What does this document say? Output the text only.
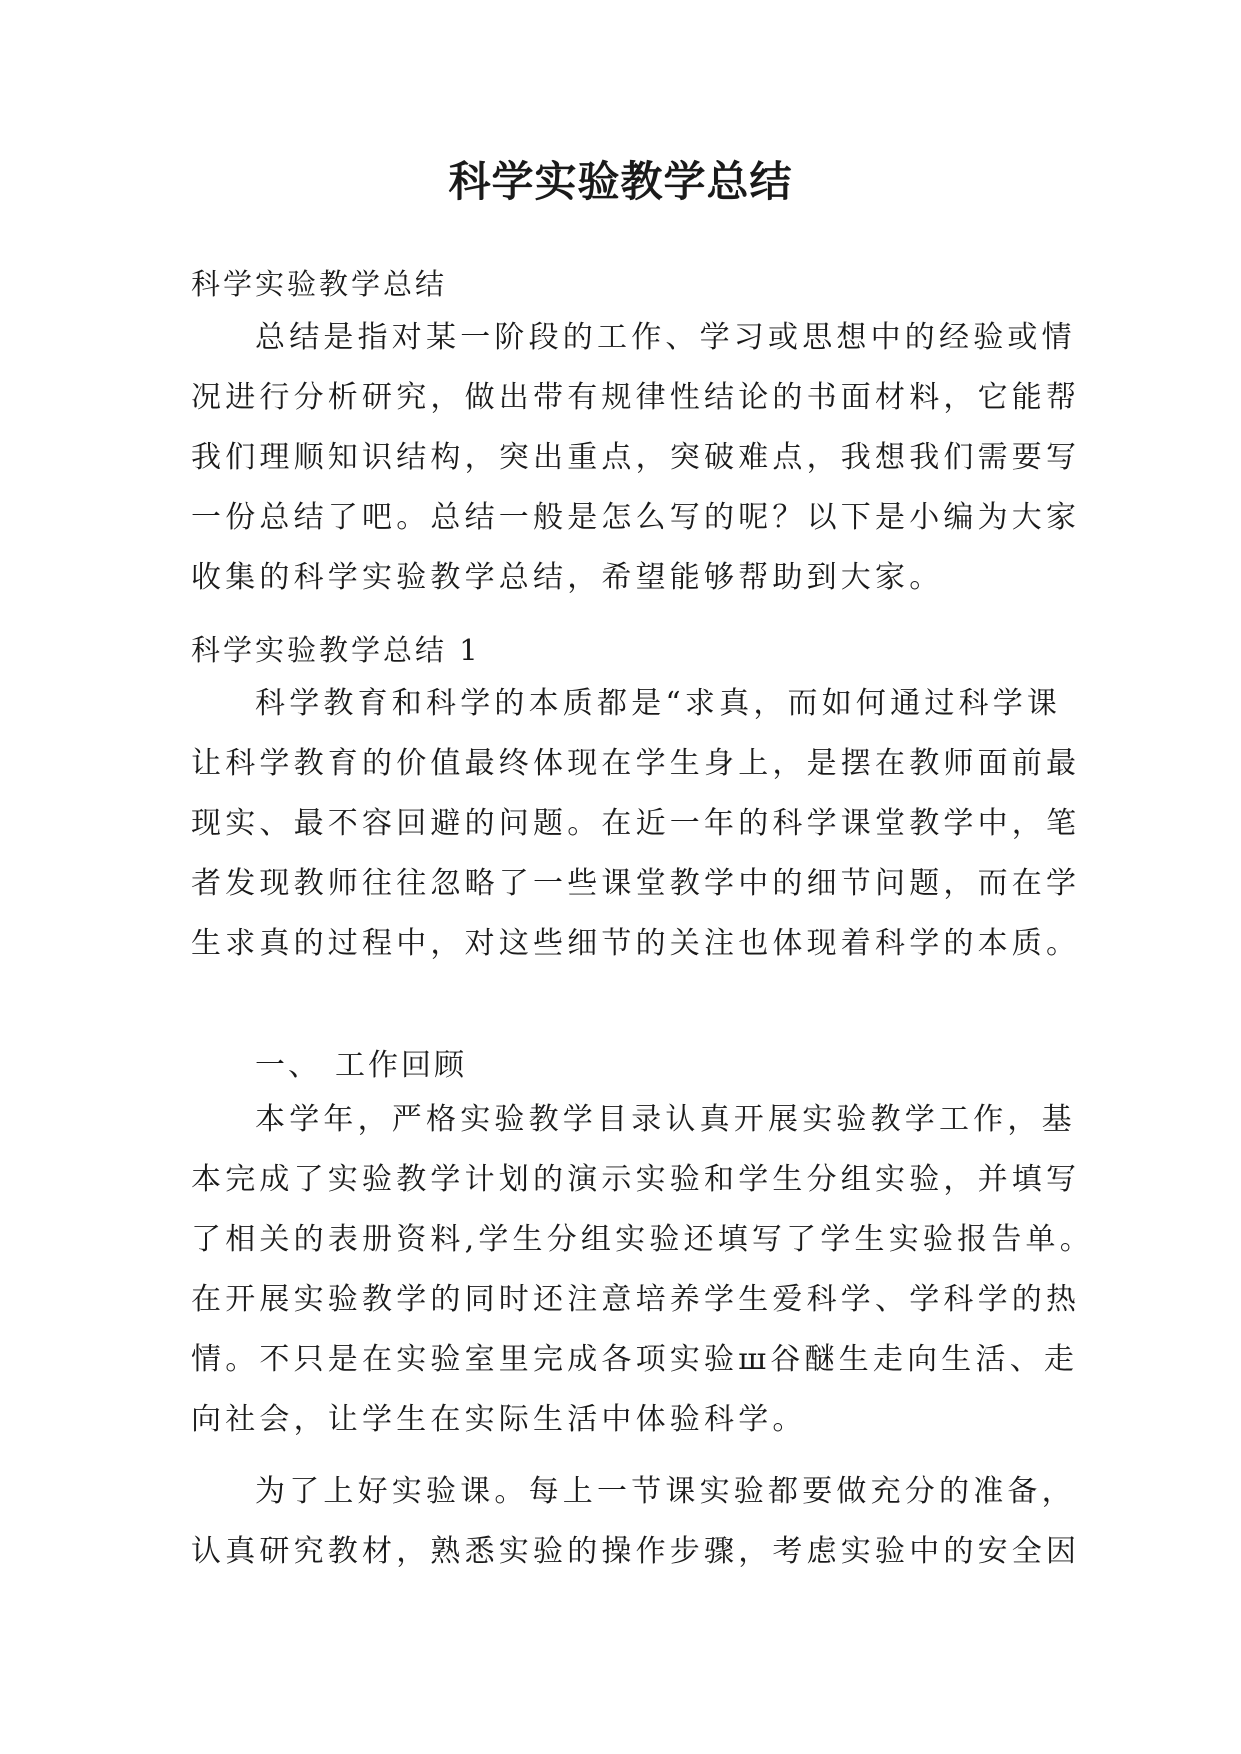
科学实验教学总结

科学实验教学总结

总结是指对某一阶段的工作、学习或思想中的经验或情
况进行分析研究，做出带有规律性结论的书面材料，它能帮
我们理顺知识结构，突出重点，突破难点，我想我们需要写
一份总结了吧。总结一般是怎么写的呢？以下是小编为大家
收集的科学实验教学总结，希望能够帮助到大家。

科学实验教学总结 1

科学教育和科学的本质都是“求真，而如何通过科学课
让科学教育的价值最终体现在学生身上，是摆在教师面前最
现实、最不容回避的问题。在近一年的科学课堂教学中，笔
者发现教师往往忽略了一些课堂教学中的细节问题，而在学
生求真的过程中，对这些细节的关注也体现着科学的本质。

一、 工作回顾

本学年，严格实验教学目录认真开展实验教学工作，基
本完成了实验教学计划的演示实验和学生分组实验，并填写
了相关的表册资料,学生分组实验还填写了学生实验报告单。
在开展实验教学的同时还注意培养学生爱科学、学科学的热
情。不只是在实验室里完成各项实验ш谷醚生走向生活、走
向社会，让学生在实际生活中体验科学。
为了上好实验课。每上一节课实验都要做充分的准备，
认真研究教材，熟悉实验的操作步骤，考虑实验中的安全因
